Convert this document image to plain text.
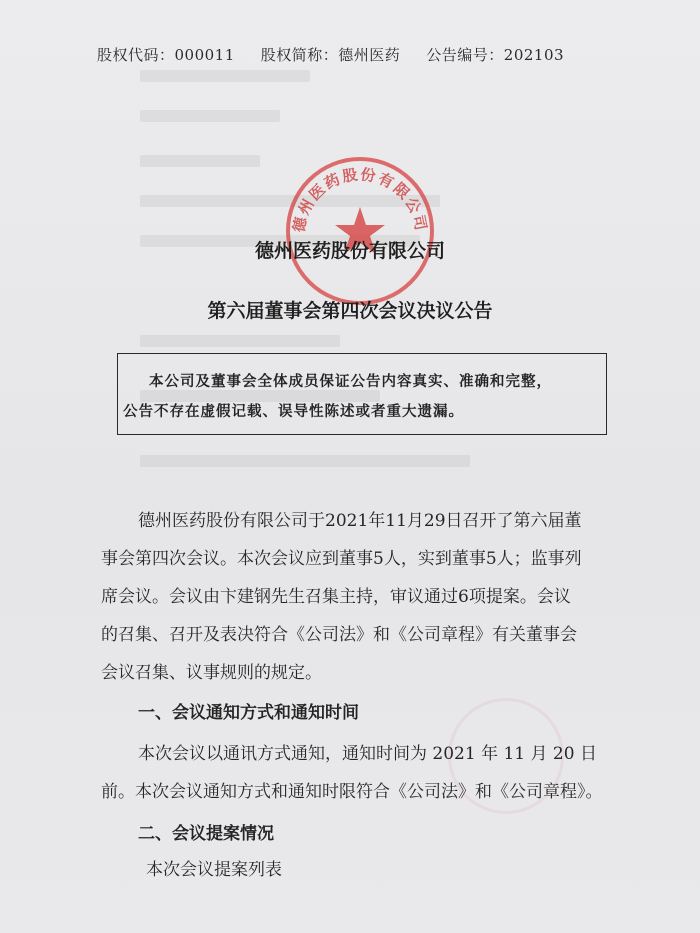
股权代码：000011 股权简称：德州医药 公告编号：202103
德州医药股份有限公司
德州医药股份有限公司
第六届董事会第四次会议决议公告

本公司及董事会全体成员保证公告内容真实、准确和完整，

公告不存在虚假记载、误导性陈述或者重大遗漏。

德州医药股份有限公司于2021年11月29日召开了第六届董
事会第四次会议。本次会议应到董事5人，实到董事5人；监事列
席会议。会议由卞建钢先生召集主持，审议通过6项提案。会议
的召集、召开及表决符合《公司法》和《公司章程》有关董事会
会议召集、议事规则的规定。
一、会议通知方式和通知时间
本次会议以通讯方式通知，通知时间为 2021 年 11 月 20 日
前。本次会议通知方式和通知时限符合《公司法》和《公司章程》。
二、会议提案情况
本次会议提案列表
